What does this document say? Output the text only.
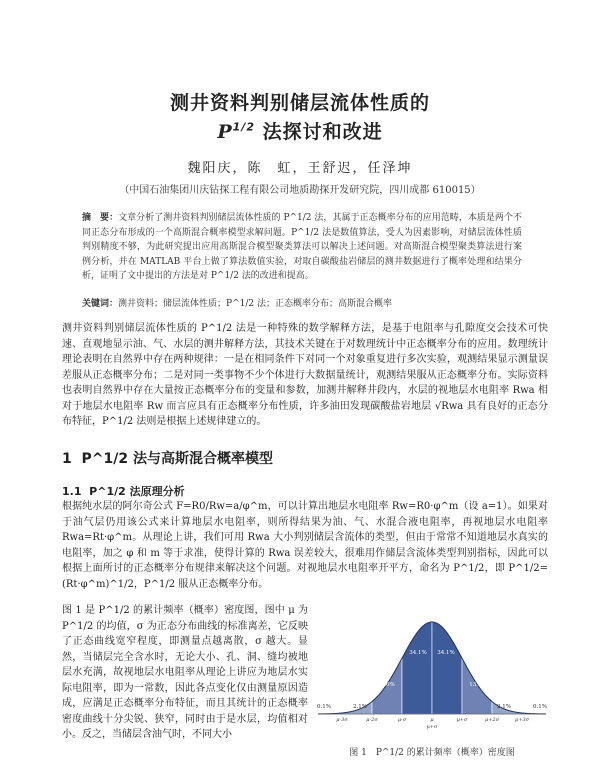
测井资料判别储层流体性质的
$P^{1/2}$ 法探讨和改进
魏阳庆，陈　虹，王舒迟，任泽坤
（中国石油集团川庆钻探工程有限公司地质勘探开发研究院，四川成都 610015）
摘　要：文章分析了测井资料判别储层流体性质的 P^1/2 法，其属于正态概率分布的应用范畴，本质是两个不同正态分布形成的一个高斯混合概率模型求解问题。P^1/2 法是数值算法，受人为因素影响，对储层流体性质判别精度不够，为此研究提出应用高斯混合模型聚类算法可以解决上述问题。对高斯混合模型聚类算法进行案例分析，并在 MATLAB 平台上做了算法数值实验，对取自碳酸盐岩储层的测井数据进行了概率处理和结果分析，证明了文中提出的方法是对 P^1/2 法的改进和提高。
关键词：测井资料；储层流体性质；P^1/2 法；正态概率分布；高斯混合概率
测井资料判别储层流体性质的 P^1/2 法是一种特殊的数学解释方法，是基于电阻率与孔隙度交会技术可快速、直观地显示油、气、水层的测井解释方法，其技术关键在于对数理统计中正态概率分布的应用。数理统计理论表明在自然界中存在两种规律：一是在相同条件下对同一个对象重复进行多次实验，观测结果显示测量误差服从正态概率分布；二是对同一类事物不少个体进行大数据量统计，观测结果服从正态概率分布。实际资料也表明自然界中存在大量按正态概率分布的变量和参数，加测井解释井段内，水层的视地层水电阻率 Rwa 相对于地层水电阻率 Rw 而言应具有正态概率分布性质，许多油田发现碳酸盐岩地层 √Rwa 具有良好的正态分布特征，P^1/2 法则是根据上述规律建立的。
1 P^1/2 法与高斯混合概率模型
1.1 P^1/2 法原理分析
根据纯水层的阿尔奇公式 F=R0/Rw=a/φ^m，可以计算出地层水电阻率 Rw=R0·φ^m（设 a=1）。如果对于油气层仍用该公式来计算地层水电阻率，则所得结果为油、气、水混合液电阻率，再视地层水电阻率 Rwa=Rt·φ^m。从理论上讲，我们可用 Rwa 大小判别储层含流体的类型，但由于常常不知道地层水真实的电阻率，加之 φ 和 m 等于求准，使得计算的 Rwa 误差较大，很难用作储层含流体类型判别指标，因此可以根据上面所讨的正态概率分布规律来解决这个问题。对视地层水电阻率开平方，命名为 P^1/2，即 P^1/2=(Rt·φ^m)^1/2，P^1/2 服从正态概率分布。
图 1 是 P^1/2 的累计频率（概率）密度图，图中 μ 为 P^1/2 的均值，σ 为正态分布曲线的标准离差，它反映了正态曲线宽窄程度，即测量点越离散，σ 越大。显然，当储层完全含水时，无论大小、孔、洞、缝均被地层水充满，故视地层水电阻率从理论上讲应为地层水实际电阻率，即为一常数，因此各点变化仅由测量原因造成，应满足正态概率分布特征，而且其统计的正态概率密度曲线十分尖锐、狭窄，同时由于是水层，均值相对小。反之，当储层含油气时，不同大小
0.1%	2.1%
13.6%
34.1% 34.1%
13.6%
2.1%	0.1%
μ-3σ	μ-2σ	μ-σ	μ	μ+σ	μ+2σ	μ+3σ
μ+σ
图 1　P^1/2 的累计频率（概率）密度图
